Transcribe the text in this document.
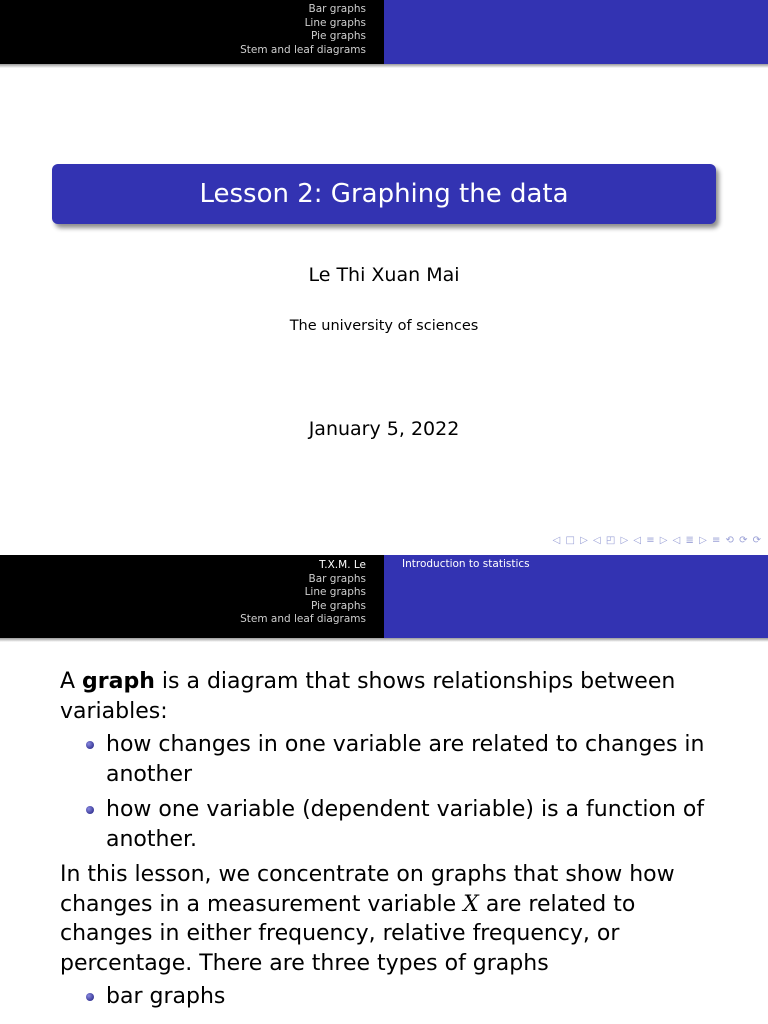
Bar graphs
Line graphs
Pie graphs
Stem and leaf diagrams
Lesson 2: Graphing the data
Le Thi Xuan Mai
The university of sciences
January 5, 2022
◁ □ ▷ ◁ ◰ ▷ ◁ ≡ ▷ ◁ ≣ ▷ ≡ ⟲ ⟳ ⟳
T.X.M. Le
Bar graphs
Line graphs
Pie graphs
Stem and leaf diagrams
Introduction to statistics

A graph is a diagram that shows relationships between variables:

how changes in one variable are related to changes in another
how one variable (dependent variable) is a function of another.

In this lesson, we concentrate on graphs that show how changes in a measurement variable X are related to changes in either frequency, relative frequency, or percentage. There are three types of graphs

bar graphs
